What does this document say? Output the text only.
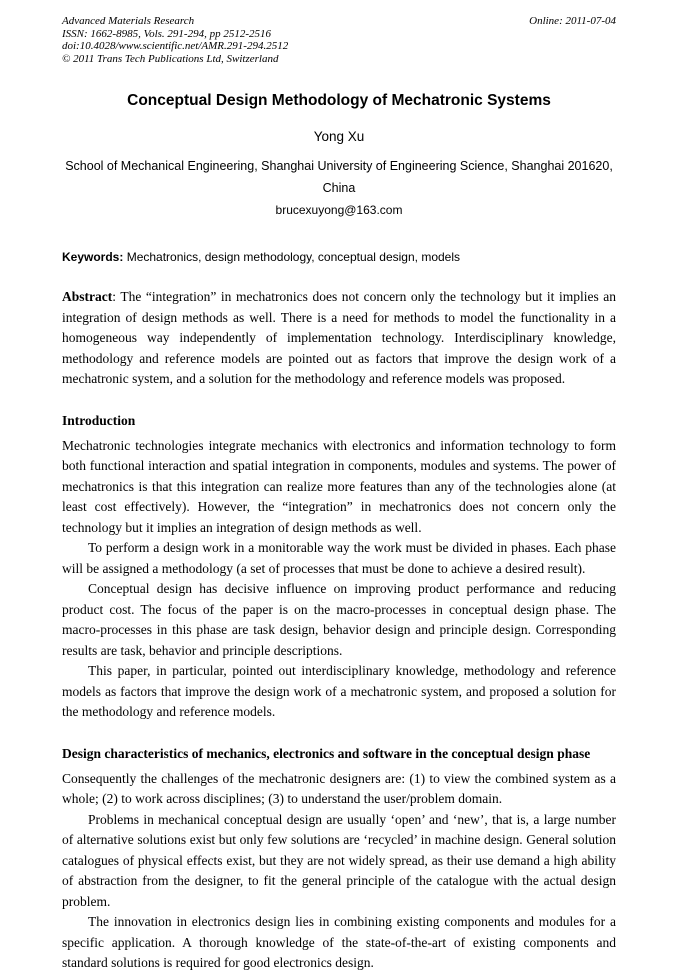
Advanced Materials Research
ISSN: 1662-8985, Vols. 291-294, pp 2512-2516
doi:10.4028/www.scientific.net/AMR.291-294.2512
© 2011 Trans Tech Publications Ltd, Switzerland
Online: 2011-07-04
Conceptual Design Methodology of Mechatronic Systems
Yong Xu
School of Mechanical Engineering, Shanghai University of Engineering Science, Shanghai 201620, China
brucexuyong@163.com

Keywords: Mechatronics, design methodology, conceptual design, models

Abstract: The “integration” in mechatronics does not concern only the technology but it implies an integration of design methods as well. There is a need for methods to model the functionality in a homogeneous way independently of implementation technology. Interdisciplinary knowledge, methodology and reference models are pointed out as factors that improve the design work of a mechatronic system, and a solution for the methodology and reference models was proposed.

Introduction

Mechatronic technologies integrate mechanics with electronics and information technology to form both functional interaction and spatial integration in components, modules and systems. The power of mechatronics is that this integration can realize more features than any of the technologies alone (at least cost effectively). However, the “integration” in mechatronics does not concern only the technology but it implies an integration of design methods as well.

To perform a design work in a monitorable way the work must be divided in phases. Each phase will be assigned a methodology (a set of processes that must be done to achieve a desired result).

Conceptual design has decisive influence on improving product performance and reducing product cost. The focus of the paper is on the macro-processes in conceptual design phase. The macro-processes in this phase are task design, behavior design and principle design. Corresponding results are task, behavior and principle descriptions.

This paper, in particular, pointed out interdisciplinary knowledge, methodology and reference models as factors that improve the design work of a mechatronic system, and proposed a solution for the methodology and reference models.

Design characteristics of mechanics, electronics and software in the conceptual design phase

Consequently the challenges of the mechatronic designers are: (1) to view the combined system as a whole; (2) to work across disciplines; (3) to understand the user/problem domain.

Problems in mechanical conceptual design are usually ‘open’ and ‘new’, that is, a large number of alternative solutions exist but only few solutions are ‘recycled’ in machine design. General solution catalogues of physical effects exist, but they are not widely spread, as their use demand a high ability of abstraction from the designer, to fit the general principle of the catalogue with the actual design problem.

The innovation in electronics design lies in combining existing components and modules for a specific application. A thorough knowledge of the state-of-the-art of existing components and standard solutions is required for good electronics design.
